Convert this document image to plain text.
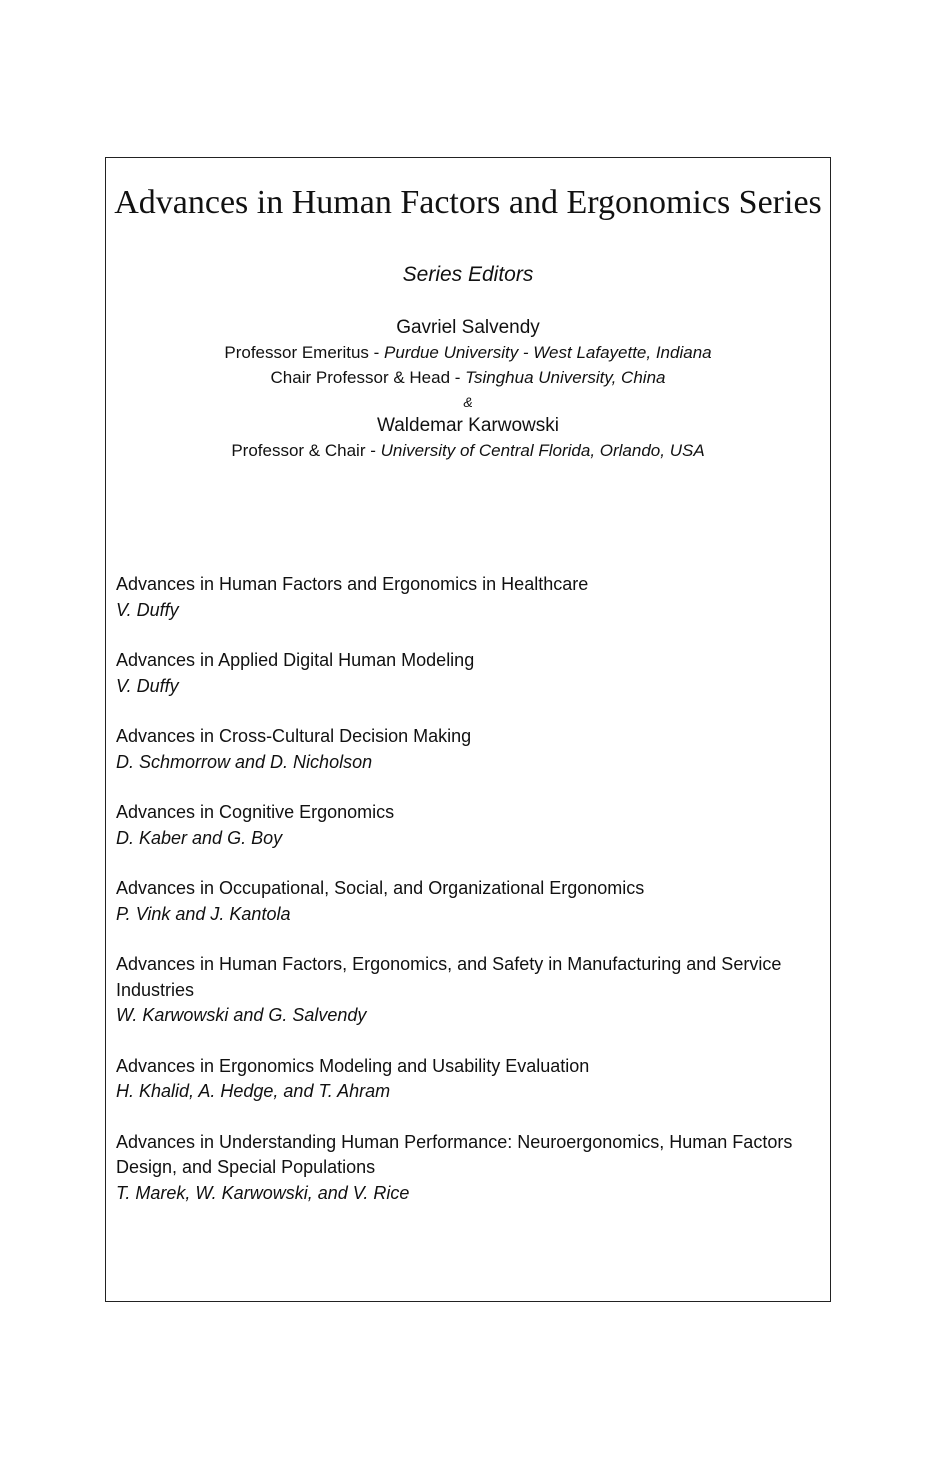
Advances in Human Factors and Ergonomics Series
Series Editors
Gavriel Salvendy
Professor Emeritus - Purdue University - West Lafayette, Indiana
Chair Professor & Head - Tsinghua University, China
&
Waldemar Karwowski
Professor & Chair - University of Central Florida, Orlando, USA
Advances in Human Factors and Ergonomics in Healthcare
V. Duffy
Advances in Applied Digital Human Modeling
V. Duffy
Advances in Cross-Cultural Decision Making
D. Schmorrow and D. Nicholson
Advances in Cognitive Ergonomics
D. Kaber and G. Boy
Advances in Occupational, Social, and Organizational Ergonomics
P. Vink and J. Kantola
Advances in Human Factors, Ergonomics, and Safety in Manufacturing and Service Industries
W. Karwowski and G. Salvendy
Advances in Ergonomics Modeling and Usability Evaluation
H. Khalid, A. Hedge, and T. Ahram
Advances in Understanding Human Performance: Neuroergonomics, Human Factors Design, and Special Populations
T. Marek, W. Karwowski, and V. Rice
